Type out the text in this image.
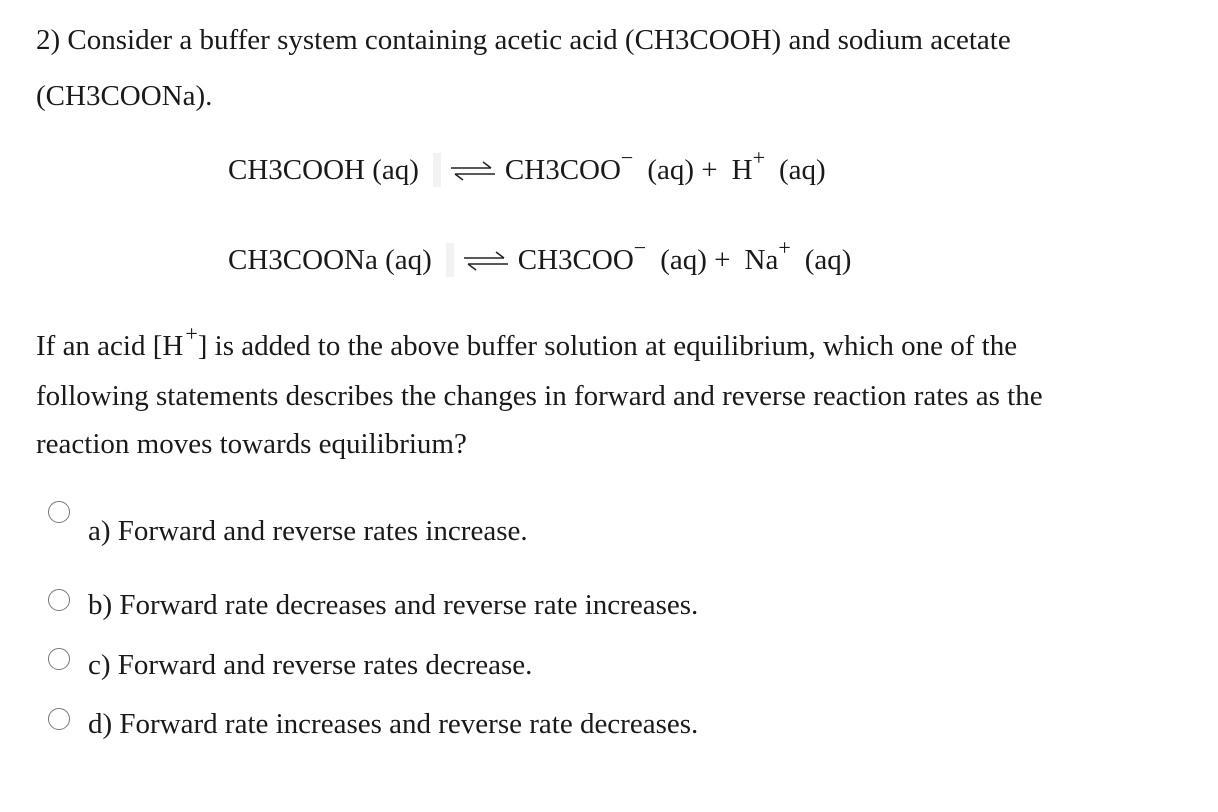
2) Consider a buffer system containing acetic acid (CH3COOH) and sodium acetate (CH3COONa).
CH3COOH (aq) ⇌ CH3COO − (aq) + H + (aq)
CH3COONa (aq) ⇌ CH3COO − (aq) + Na + (aq)
If an acid [H+] is added to the above buffer solution at equilibrium, which one of the following statements describes the changes in forward and reverse reaction rates as the reaction moves towards equilibrium?
a) Forward and reverse rates increase.
b) Forward rate decreases and reverse rate increases.
c) Forward and reverse rates decrease.
d) Forward rate increases and reverse rate decreases.
